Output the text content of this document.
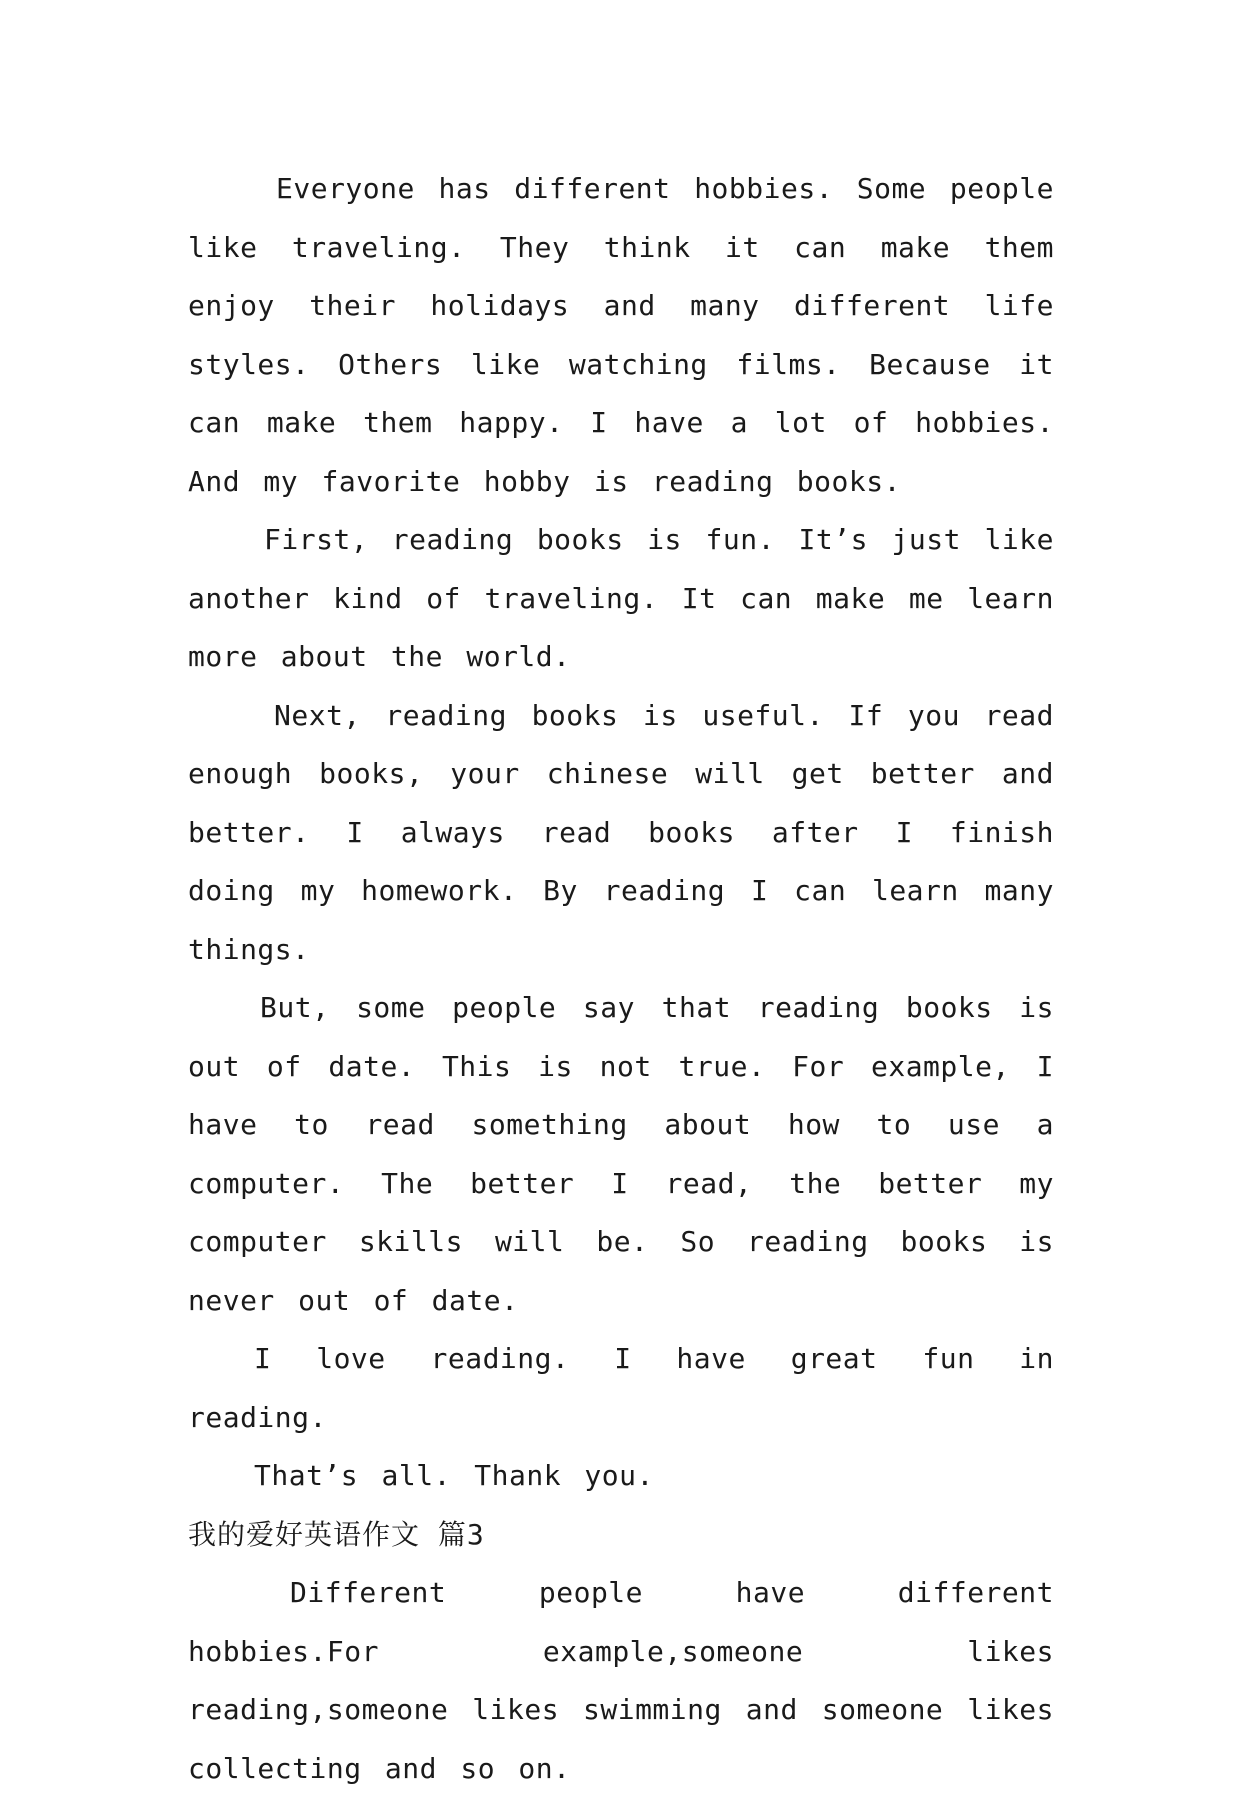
Everyone has different hobbies. Some people like traveling. They think it can make them enjoy their holidays and many different life styles. Others like watching films. Because it can make them happy. I have a lot of hobbies. And my favorite hobby is reading books.

First, reading books is fun. It’s just like another kind of traveling. It can make me learn more about the world.

Next, reading books is useful. If you read enough books, your chinese will get better and better. I always read books after I finish doing my homework. By reading I can learn many things.

But, some people say that reading books is out of date. This is not true. For example, I have to read something about how to use a computer. The better I read, the better my computer skills will be. So reading books is never out of date.

I love reading. I have great fun in reading.

That’s all. Thank you.

我的爱好英语作文 篇3

Different people have different hobbies.For example,someone likes reading,someone likes swimming and someone likes collecting and so on.
